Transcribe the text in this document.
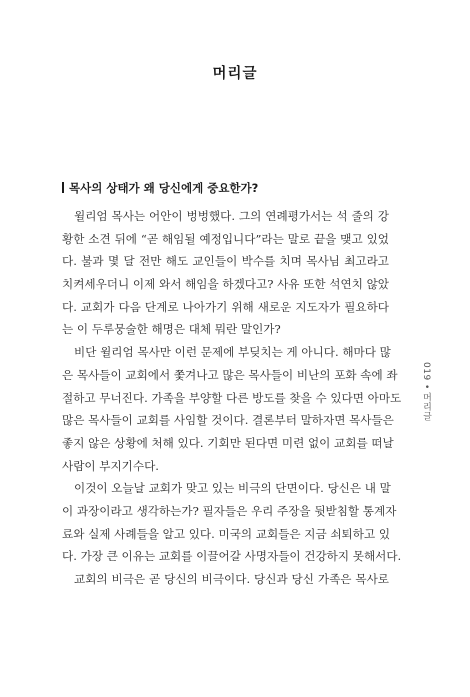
머리글
목사의 상태가 왜 당신에게 중요한가?
윌리엄 목사는 어안이 벙벙했다. 그의 연례평가서는 석 줄의 강
황한 소견 뒤에 “곧 해임될 예정입니다”라는 말로 끝을 맺고 있었
다. 불과 몇 달 전만 해도 교인들이 박수를 치며 목사님 최고라고
치켜세우더니 이제 와서 해임을 하겠다고? 사유 또한 석연치 않았
다. 교회가 다음 단계로 나아가기 위해 새로운 지도자가 필요하다
는 이 두루뭉술한 해명은 대체 뭐란 말인가?
비단 윌리엄 목사만 이런 문제에 부딪치는 게 아니다. 해마다 많
은 목사들이 교회에서 쫓겨나고 많은 목사들이 비난의 포화 속에 좌
절하고 무너진다. 가족을 부양할 다른 방도를 찾을 수 있다면 아마도
많은 목사들이 교회를 사임할 것이다. 결론부터 말하자면 목사들은
좋지 않은 상황에 처해 있다. 기회만 된다면 미련 없이 교회를 떠날
사람이 부지기수다.
이것이 오늘날 교회가 맞고 있는 비극의 단면이다. 당신은 내 말
이 과장이라고 생각하는가? 필자들은 우리 주장을 뒷받침할 통계자
료와 실제 사례들을 알고 있다. 미국의 교회들은 지금 쇠퇴하고 있
다. 가장 큰 이유는 교회를 이끌어갈 사명자들이 건강하지 못해서다.
교회의 비극은 곧 당신의 비극이다. 당신과 당신 가족은 목사로
019•머리글
